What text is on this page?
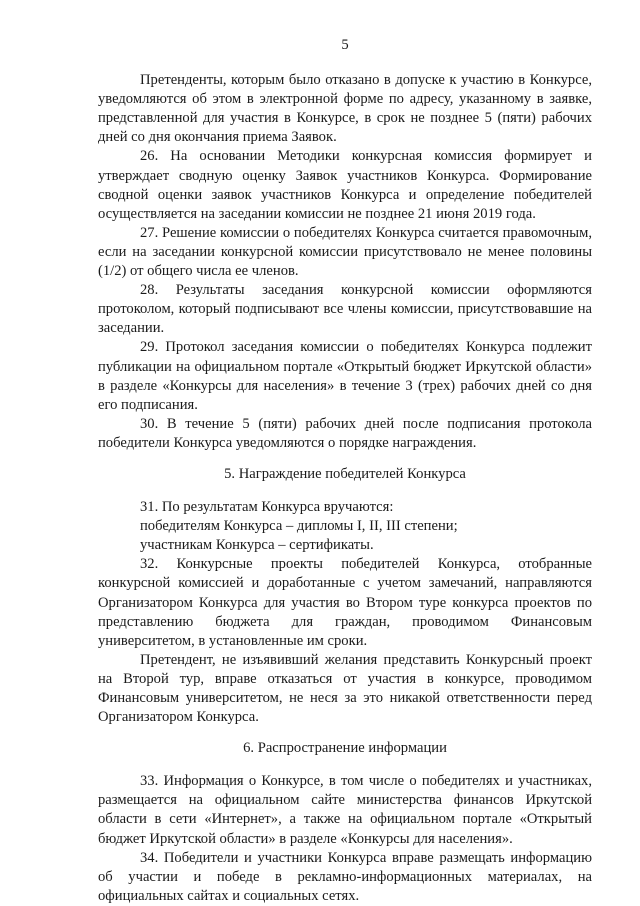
5

Претенденты, которым было отказано в допуске к участию в Конкурсе, уведомляются об этом в электронной форме по адресу, указанному в заявке, представленной для участия в Конкурсе, в срок не позднее 5 (пяти) рабочих дней со дня окончания приема Заявок.

26. На основании Методики конкурсная комиссия формирует и утверждает сводную оценку Заявок участников Конкурса. Формирование сводной оценки заявок участников Конкурса и определение победителей осуществляется на заседании комиссии не позднее 21 июня 2019 года.

27. Решение комиссии о победителях Конкурса считается правомочным, если на заседании конкурсной комиссии присутствовало не менее половины (1/2) от общего числа ее членов.

28. Результаты заседания конкурсной комиссии оформляются протоколом, который подписывают все члены комиссии, присутствовавшие на заседании.

29. Протокол заседания комиссии о победителях Конкурса подлежит публикации на официальном портале «Открытый бюджет Иркутской области» в разделе «Конкурсы для населения» в течение 3 (трех) рабочих дней со дня его подписания.

30. В течение 5 (пяти) рабочих дней после подписания протокола победители Конкурса уведомляются о порядке награждения.

5. Награждение победителей Конкурса

31. По результатам Конкурса вручаются:

победителям Конкурса – дипломы I, II, III степени;

участникам Конкурса – сертификаты.

32. Конкурсные проекты победителей Конкурса, отобранные конкурсной комиссией и доработанные с учетом замечаний, направляются Организатором Конкурса для участия во Втором туре конкурса проектов по представлению бюджета для граждан, проводимом Финансовым университетом, в установленные им сроки.

Претендент, не изъявивший желания представить Конкурсный проект на Второй тур, вправе отказаться от участия в конкурсе, проводимом Финансовым университетом, не неся за это никакой ответственности перед Организатором Конкурса.

6. Распространение информации

33. Информация о Конкурсе, в том числе о победителях и участниках, размещается на официальном сайте министерства финансов Иркутской области в сети «Интернет», а также на официальном портале «Открытый бюджет Иркутской области» в разделе «Конкурсы для населения».

34. Победители и участники Конкурса вправе размещать информацию об участии и победе в рекламно-информационных материалах, на официальных сайтах и социальных сетях.
